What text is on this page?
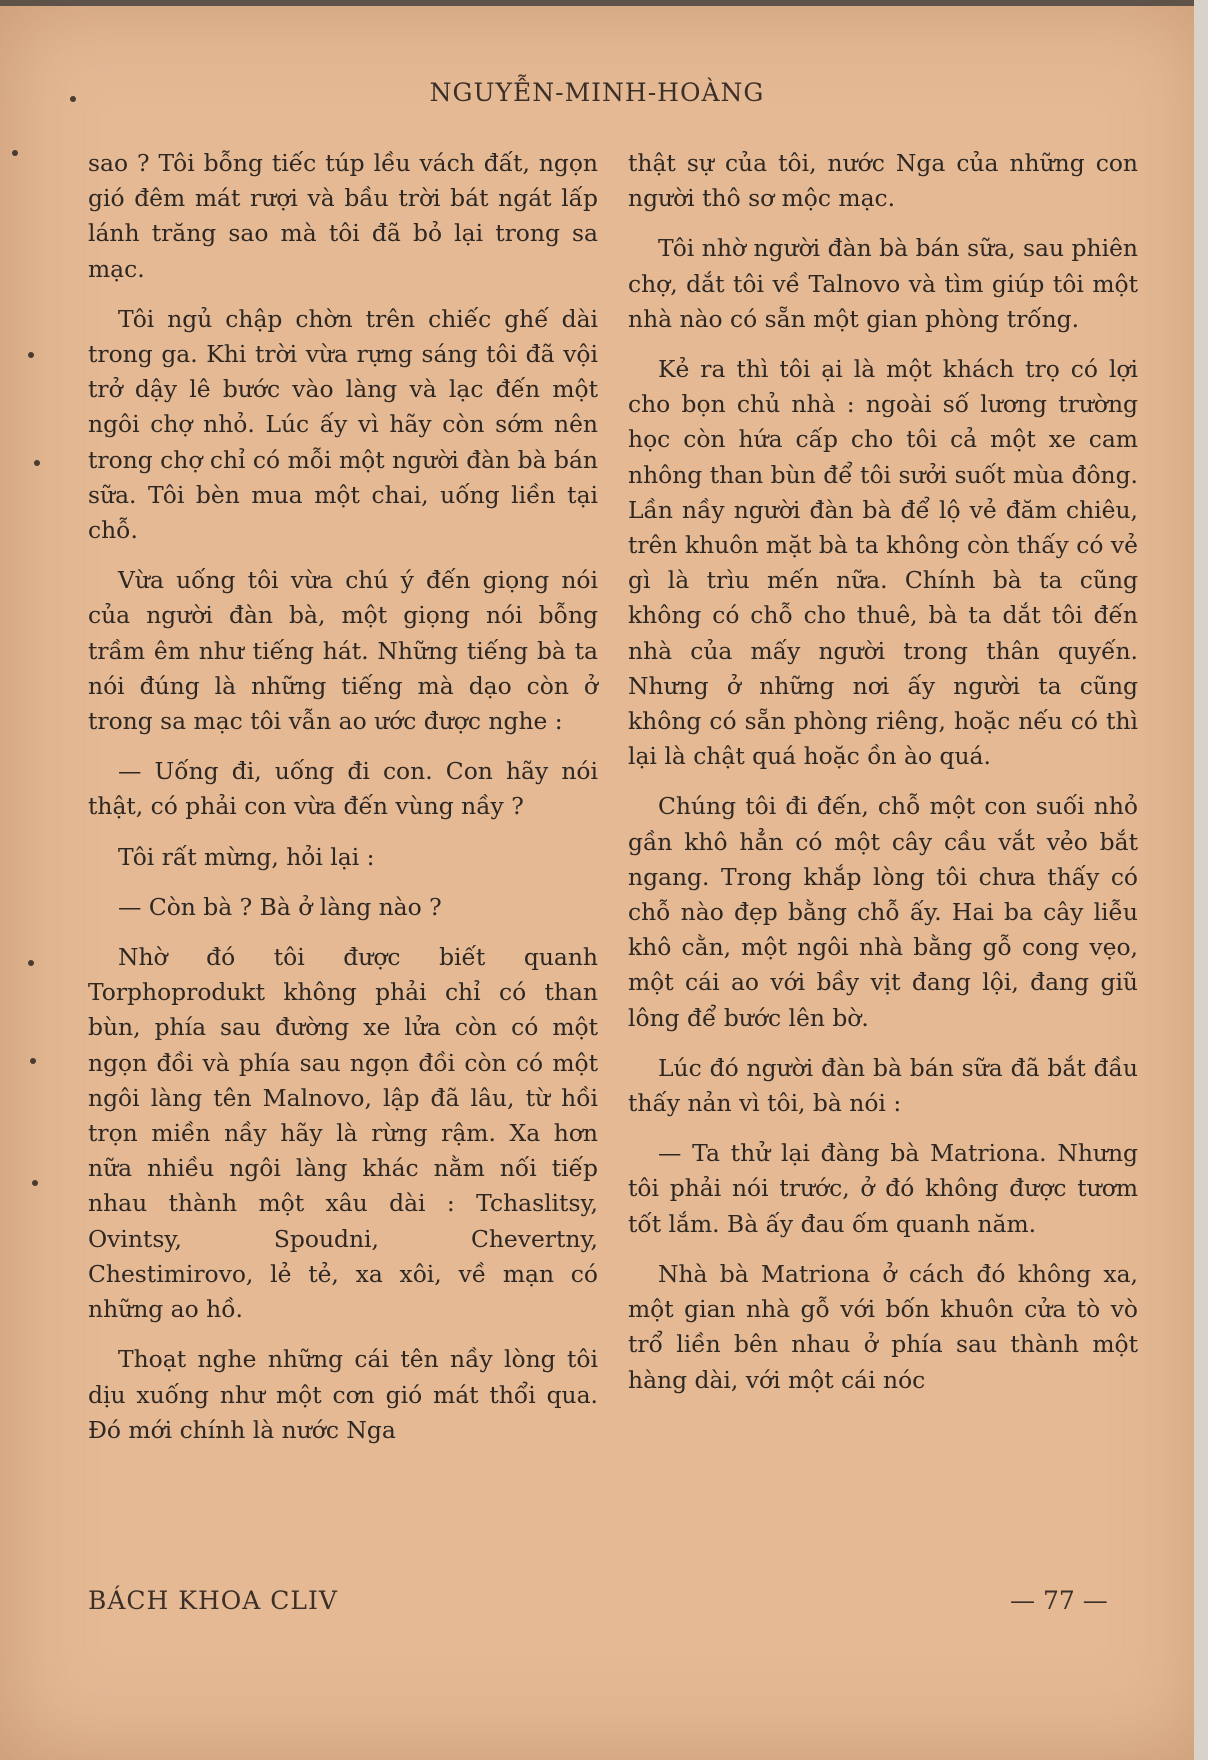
NGUYỄN-MINH-HOÀNG

sao ? Tôi bỗng tiếc túp lều vách đất, ngọn gió đêm mát rượi và bầu trời bát ngát lấp lánh trăng sao mà tôi đã bỏ lại trong sa mạc.

Tôi ngủ chập chờn trên chiếc ghế dài trong ga. Khi trời vừa rựng sáng tôi đã vội trở dậy lê bước vào làng và lạc đến một ngôi chợ nhỏ. Lúc ấy vì hãy còn sớm nên trong chợ chỉ có mỗi một người đàn bà bán sữa. Tôi bèn mua một chai, uống liền tại chỗ.

Vừa uống tôi vừa chú ý đến giọng nói của người đàn bà, một giọng nói bỗng trầm êm như tiếng hát. Những tiếng bà ta nói đúng là những tiếng mà dạo còn ở trong sa mạc tôi vẫn ao ước được nghe :

— Uống đi, uống đi con. Con hãy nói thật, có phải con vừa đến vùng nầy ?

Tôi rất mừng, hỏi lại :

— Còn bà ? Bà ở làng nào ?

Nhờ đó tôi được biết quanh Torphoprodukt không phải chỉ có than bùn, phía sau đường xe lửa còn có một ngọn đồi và phía sau ngọn đồi còn có một ngôi làng tên Malnovo, lập đã lâu, từ hồi trọn miền nầy hãy là rừng rậm. Xa hơn nữa nhiều ngôi làng khác nằm nối tiếp nhau thành một xâu dài : Tchaslitsy, Ovintsy, Spoudni, Chevertny, Chestimirovo, lẻ tẻ, xa xôi, về mạn có những ao hồ.

Thoạt nghe những cái tên nầy lòng tôi dịu xuống như một cơn gió mát thổi qua. Đó mới chính là nước Nga

thật sự của tôi, nước Nga của những con người thô sơ mộc mạc.

Tôi nhờ người đàn bà bán sữa, sau phiên chợ, dắt tôi về Talnovo và tìm giúp tôi một nhà nào có sẵn một gian phòng trống.

Kẻ ra thì tôi ại là một khách trọ có lợi cho bọn chủ nhà : ngoài số lương trường học còn hứa cấp cho tôi cả một xe cam nhông than bùn để tôi sưởi suốt mùa đông. Lần nầy người đàn bà để lộ vẻ đăm chiêu, trên khuôn mặt bà ta không còn thấy có vẻ gì là trìu mến nữa. Chính bà ta cũng không có chỗ cho thuê, bà ta dắt tôi đến nhà của mấy người trong thân quyến. Nhưng ở những nơi ấy người ta cũng không có sẵn phòng riêng, hoặc nếu có thì lại là chật quá hoặc ồn ào quá.

Chúng tôi đi đến, chỗ một con suối nhỏ gần khô hẳn có một cây cầu vắt vẻo bắt ngang. Trong khắp lòng tôi chưa thấy có chỗ nào đẹp bằng chỗ ấy. Hai ba cây liễu khô cằn, một ngôi nhà bằng gỗ cong vẹo, một cái ao với bầy vịt đang lội, đang giũ lông để bước lên bờ.

Lúc đó người đàn bà bán sữa đã bắt đầu thấy nản vì tôi, bà nói :

— Ta thử lại đàng bà Matriona. Nhưng tôi phải nói trước, ở đó không được tươm tốt lắm. Bà ấy đau ốm quanh năm.

Nhà bà Matriona ở cách đó không xa, một gian nhà gỗ với bốn khuôn cửa tò vò trổ liền bên nhau ở phía sau thành một hàng dài, với một cái nóc

BÁCH KHOA CLIV	— 77 —
